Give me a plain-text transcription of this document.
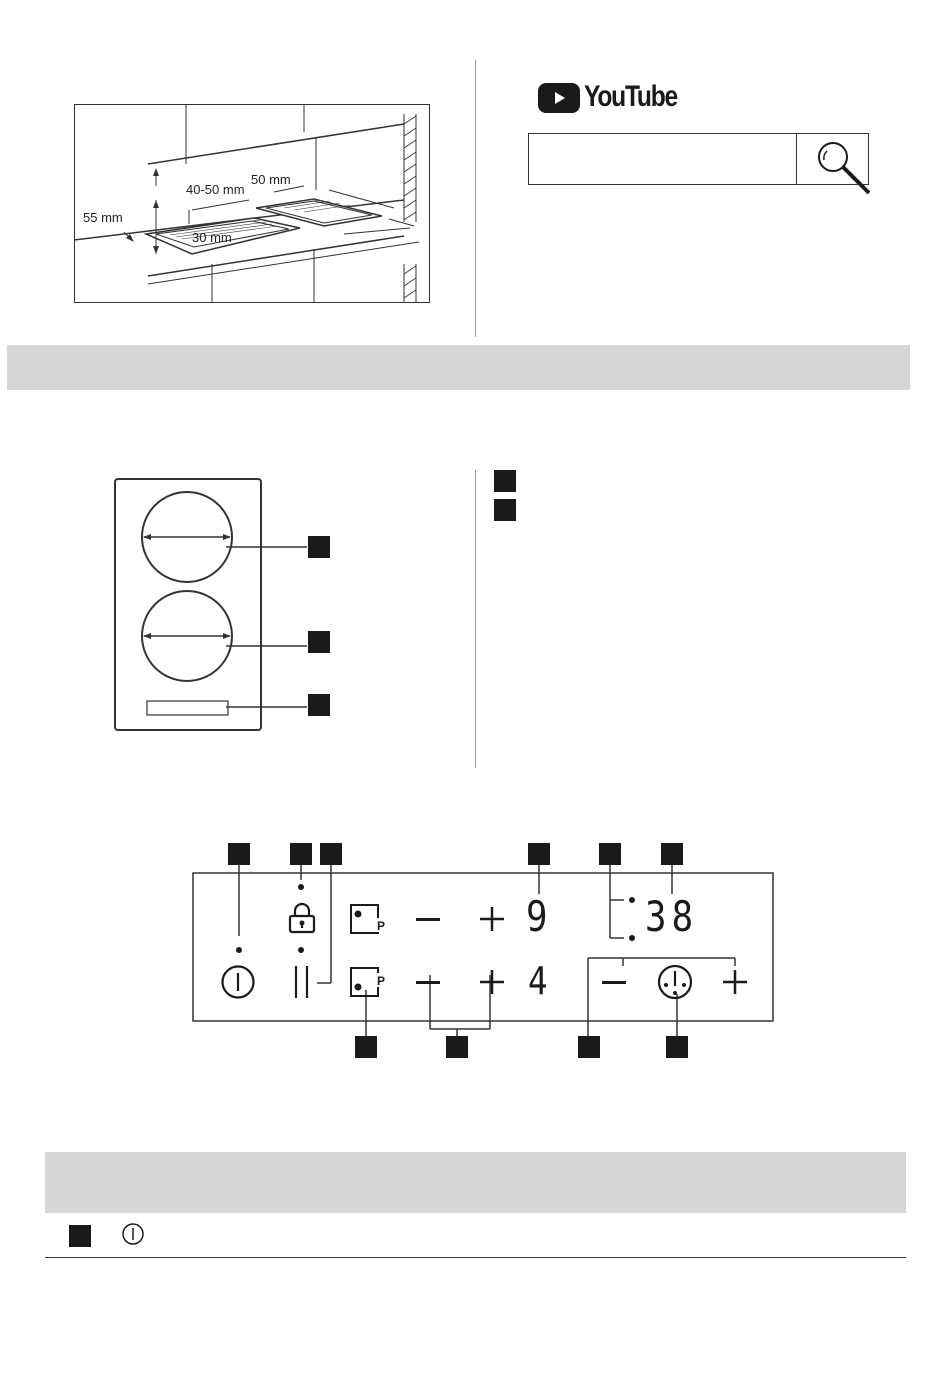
40-50 mm
50 mm
55 mm
30 mm
YouTube
P
P
9
4
38
